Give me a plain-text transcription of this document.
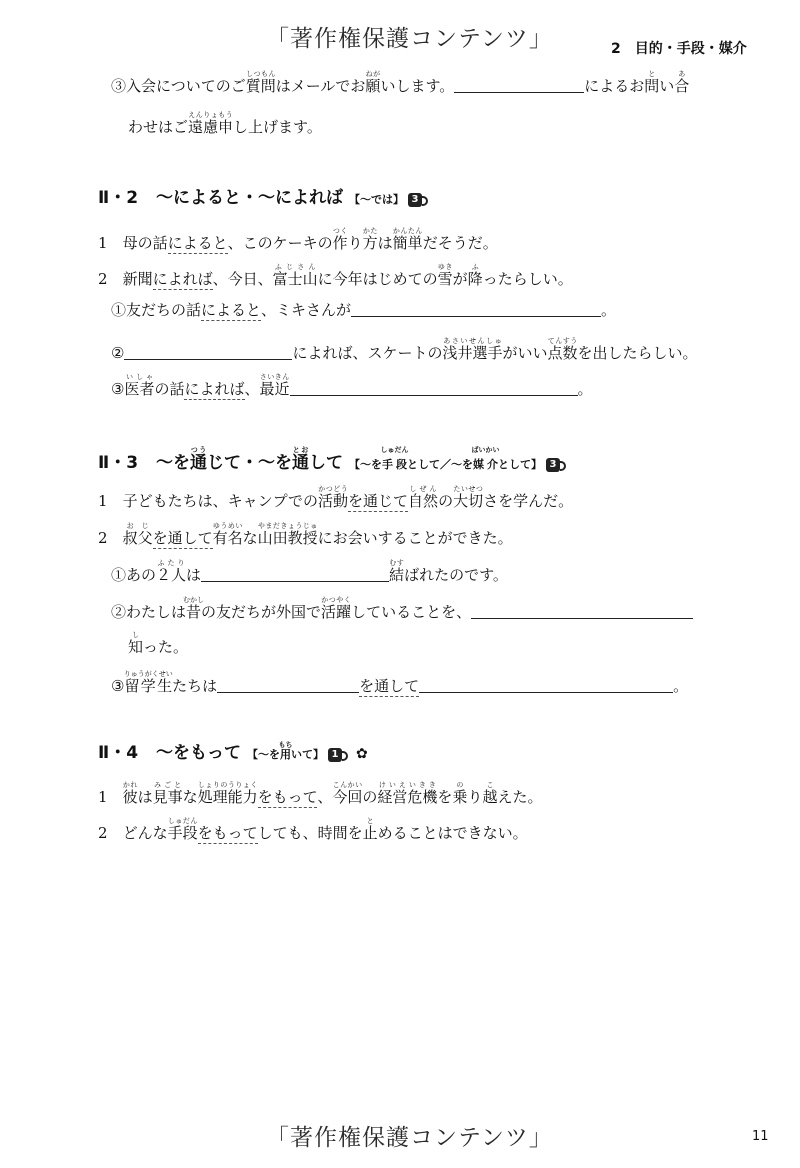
「著作権保護コンテンツ」	2　目的・手段・媒介
③入会についてのご質問しつもんはメールでお願ねがいします。	によるお問とい合あ
わせはご遠慮えんりょ申もうし上げます。
Ⅱ・2 〜によると・〜によれば 【〜では】 3
1　 母の話によると、このケーキの作つくり方かたは簡単かんたんだそうだ。
2　 新聞によれば、今日、富士山ふじさんに今年はじめての雪ゆきが降ふったらしい。
①友だちの話によると、ミキさんが	。
②	によれば、スケートの浅井選手あさいせんしゅがいい点数てんすうを出したらしい。
③医者いしゃの話によれば、最近さいきん。
Ⅱ・3 〜を通つうじて・〜を通とおして 【〜を手段しゅだんとして／〜を媒介ばいかいとして】 3
1　 子どもたちは、キャンプでの活動かつどうを通じて自然しぜんの大切たいせつさを学んだ。
2　 叔父おじを通して有名ゆうめいな山田教授やまだきょうじゅにお会いすることができた。
①あの２人ふたりは	結むすばれたのです。
②わたしは昔むかしの友だちが外国で活躍かつやくしていることを、
知しった。
③留学生りゅうがくせいたちは	を通して	。
Ⅱ・4 〜をもって 【〜を用もちいて】 1 ✿
1　 彼かれは見事みごとな処理能力しょりのうりょくをもって、今回こんかいの経営危機けいえいききを乗のり越こえた。
2　 どんな手段しゅだんをもってしても、時間を止とめることはできない。
「著作権保護コンテンツ」	11
